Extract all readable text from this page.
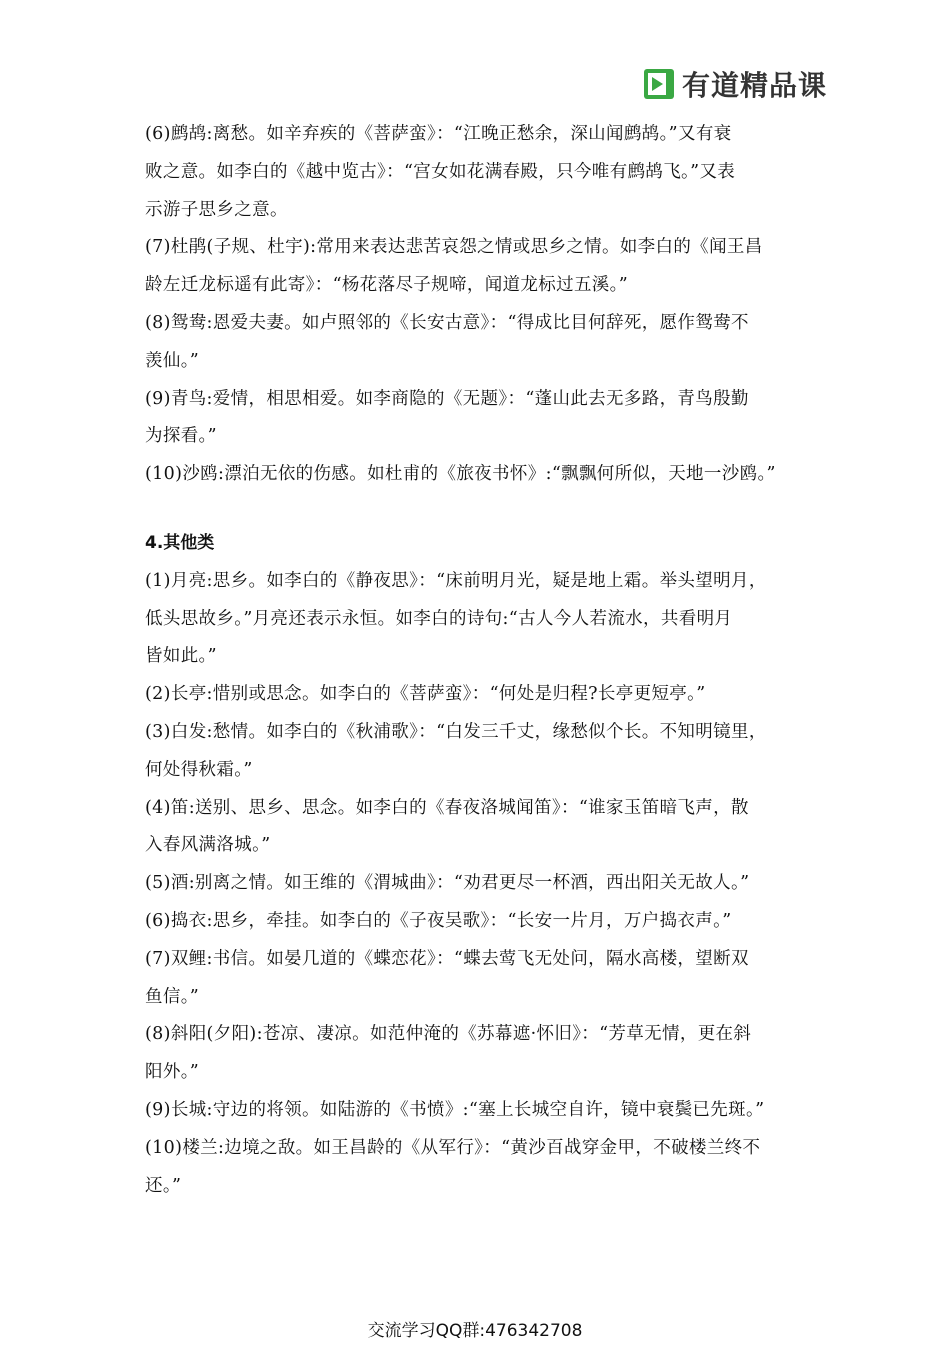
有道精品课
(6)鹧鸪:离愁。如辛弃疾的《菩萨蛮》：“江晚正愁余，深山闻鹧鸪。”又有衰
败之意。如李白的《越中览古》：“宫女如花满春殿，只今唯有鹧鸪飞。”又表
示游子思乡之意。
(7)杜鹃(子规、杜宇):常用来表达悲苦哀怨之情或思乡之情。如李白的《闻王昌
龄左迁龙标遥有此寄》：“杨花落尽子规啼，闻道龙标过五溪。”
(8)鸳鸯:恩爱夫妻。如卢照邻的《长安古意》：“得成比目何辞死，愿作鸳鸯不
羡仙。”
(9)青鸟:爱情，相思相爱。如李商隐的《无题》：“蓬山此去无多路，青鸟殷勤
为探看。”
(10)沙鸥:漂泊无依的伤感。如杜甫的《旅夜书怀》:“飘飘何所似，天地一沙鸥。”
4.其他类
(1)月亮:思乡。如李白的《静夜思》：“床前明月光，疑是地上霜。举头望明月，
低头思故乡。”月亮还表示永恒。如李白的诗句:“古人今人若流水，共看明月
皆如此。”
(2)长亭:惜别或思念。如李白的《菩萨蛮》：“何处是归程?长亭更短亭。”
(3)白发:愁情。如李白的《秋浦歌》：“白发三千丈，缘愁似个长。不知明镜里，
何处得秋霜。”
(4)笛:送别、思乡、思念。如李白的《春夜洛城闻笛》：“谁家玉笛暗飞声，散
入春风满洛城。”
(5)酒:别离之情。如王维的《渭城曲》：“劝君更尽一杯酒，西出阳关无故人。”
(6)捣衣:思乡，牵挂。如李白的《子夜吴歌》：“长安一片月，万户捣衣声。”
(7)双鲤:书信。如晏几道的《蝶恋花》：“蝶去莺飞无处问，隔水高楼，望断双
鱼信。”
(8)斜阳(夕阳):苍凉、凄凉。如范仲淹的《苏幕遮·怀旧》：“芳草无情，更在斜
阳外。”
(9)长城:守边的将领。如陆游的《书愤》:“塞上长城空自许，镜中衰鬓已先斑。”
(10)楼兰:边境之敌。如王昌龄的《从军行》：“黄沙百战穿金甲，不破楼兰终不
还。”
交流学习QQ群:476342708
